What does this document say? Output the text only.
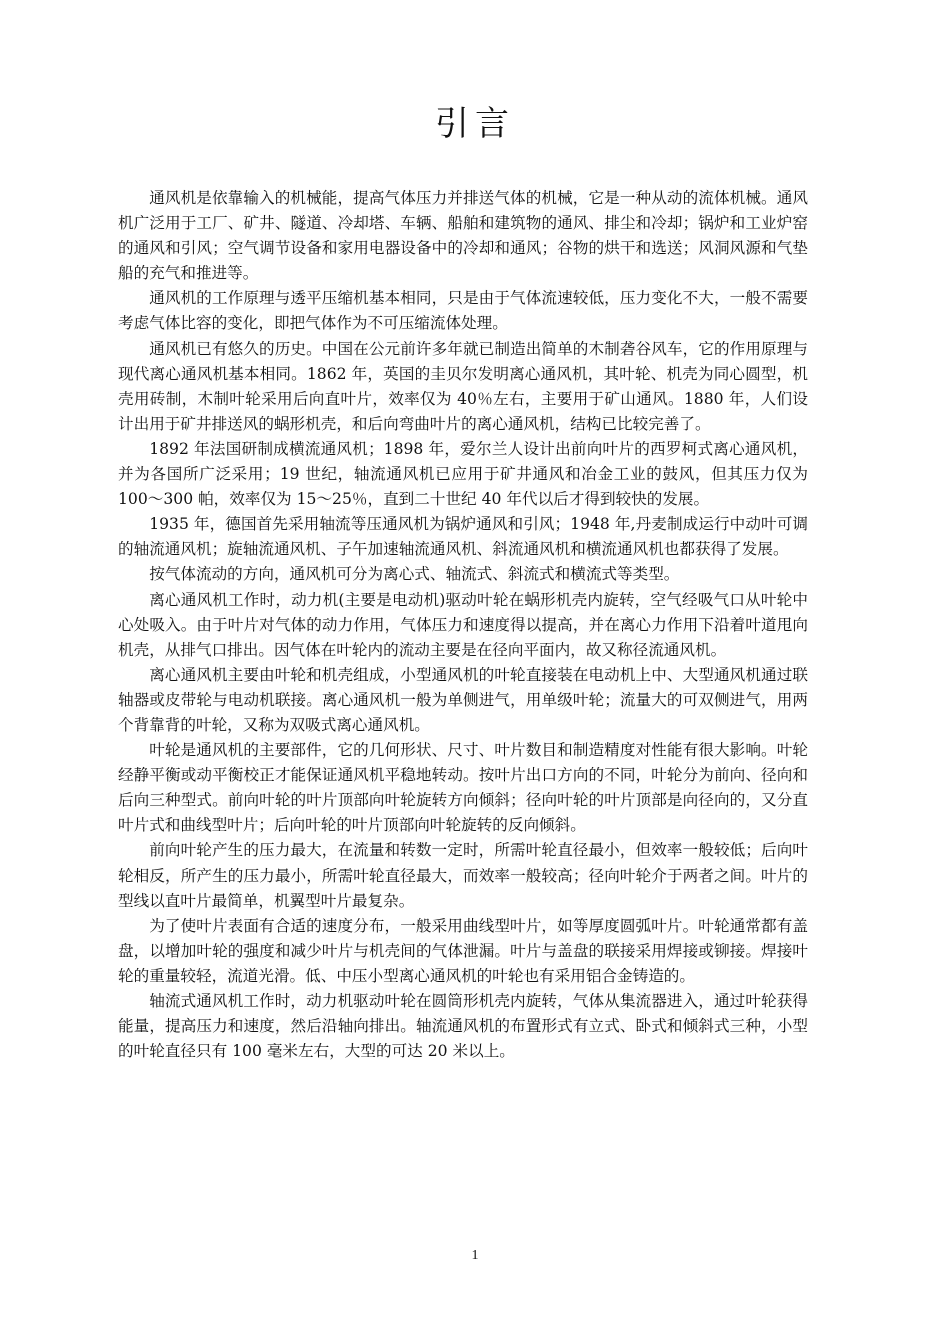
引言

通风机是依靠输入的机械能，提高气体压力并排送气体的机械，它是一种从动的流体机械。通风机广泛用于工厂、矿井、隧道、冷却塔、车辆、船舶和建筑物的通风、排尘和冷却；锅炉和工业炉窑的通风和引风；空气调节设备和家用电器设备中的冷却和通风；谷物的烘干和选送；风洞风源和气垫船的充气和推进等。

通风机的工作原理与透平压缩机基本相同，只是由于气体流速较低，压力变化不大，一般不需要考虑气体比容的变化，即把气体作为不可压缩流体处理。

通风机已有悠久的历史。中国在公元前许多年就已制造出简单的木制砻谷风车，它的作用原理与现代离心通风机基本相同。1862 年，英国的圭贝尔发明离心通风机，其叶轮、机壳为同心圆型，机壳用砖制，木制叶轮采用后向直叶片，效率仅为 40％左右，主要用于矿山通风。1880 年，人们设计出用于矿井排送风的蜗形机壳，和后向弯曲叶片的离心通风机，结构已比较完善了。

1892 年法国研制成横流通风机；1898 年，爱尔兰人设计出前向叶片的西罗柯式离心通风机，并为各国所广泛采用；19 世纪，轴流通风机已应用于矿井通风和冶金工业的鼓风，但其压力仅为 100～300 帕，效率仅为 15～25％，直到二十世纪 40 年代以后才得到较快的发展。

1935 年，德国首先采用轴流等压通风机为锅炉通风和引风；1948 年,丹麦制成运行中动叶可调的轴流通风机；旋轴流通风机、子午加速轴流通风机、斜流通风机和横流通风机也都获得了发展。

按气体流动的方向，通风机可分为离心式、轴流式、斜流式和横流式等类型。

离心通风机工作时，动力机(主要是电动机)驱动叶轮在蜗形机壳内旋转，空气经吸气口从叶轮中心处吸入。由于叶片对气体的动力作用，气体压力和速度得以提高，并在离心力作用下沿着叶道甩向机壳，从排气口排出。因气体在叶轮内的流动主要是在径向平面内，故又称径流通风机。

离心通风机主要由叶轮和机壳组成，小型通风机的叶轮直接装在电动机上中、大型通风机通过联轴器或皮带轮与电动机联接。离心通风机一般为单侧进气，用单级叶轮；流量大的可双侧进气，用两个背靠背的叶轮，又称为双吸式离心通风机。

叶轮是通风机的主要部件，它的几何形状、尺寸、叶片数目和制造精度对性能有很大影响。叶轮经静平衡或动平衡校正才能保证通风机平稳地转动。按叶片出口方向的不同，叶轮分为前向、径向和后向三种型式。前向叶轮的叶片顶部向叶轮旋转方向倾斜；径向叶轮的叶片顶部是向径向的，又分直叶片式和曲线型叶片；后向叶轮的叶片顶部向叶轮旋转的反向倾斜。

前向叶轮产生的压力最大，在流量和转数一定时，所需叶轮直径最小，但效率一般较低；后向叶轮相反，所产生的压力最小，所需叶轮直径最大，而效率一般较高；径向叶轮介于两者之间。叶片的型线以直叶片最简单，机翼型叶片最复杂。

为了使叶片表面有合适的速度分布，一般采用曲线型叶片，如等厚度圆弧叶片。叶轮通常都有盖盘，以增加叶轮的强度和减少叶片与机壳间的气体泄漏。叶片与盖盘的联接采用焊接或铆接。焊接叶轮的重量较轻，流道光滑。低、中压小型离心通风机的叶轮也有采用铝合金铸造的。

轴流式通风机工作时，动力机驱动叶轮在圆筒形机壳内旋转，气体从集流器进入，通过叶轮获得能量，提高压力和速度，然后沿轴向排出。轴流通风机的布置形式有立式、卧式和倾斜式三种，小型的叶轮直径只有 100 毫米左右，大型的可达 20 米以上。

1
